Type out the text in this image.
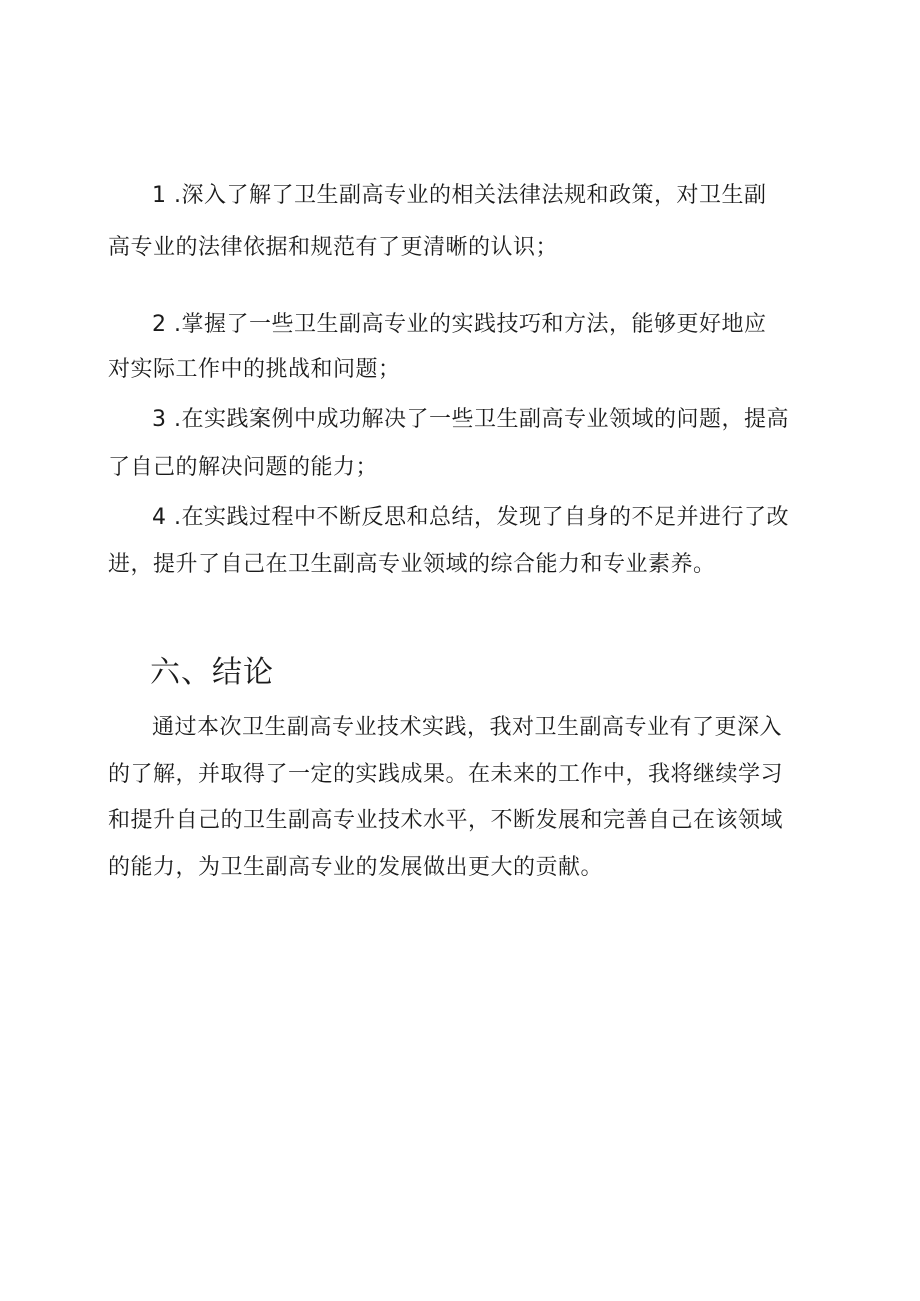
1 .深入了解了卫生副高专业的相关法律法规和政策，对卫生副
高专业的法律依据和规范有了更清晰的认识；
2 .掌握了一些卫生副高专业的实践技巧和方法，能够更好地应
对实际工作中的挑战和问题；
3 .在实践案例中成功解决了一些卫生副高专业领域的问题，提高
了自己的解决问题的能力；
4 .在实践过程中不断反思和总结，发现了自身的不足并进行了改
进，提升了自己在卫生副高专业领域的综合能力和专业素养。
六、结论
通过本次卫生副高专业技术实践，我对卫生副高专业有了更深入
的了解，并取得了一定的实践成果。在未来的工作中，我将继续学习
和提升自己的卫生副高专业技术水平，不断发展和完善自己在该领域
的能力，为卫生副高专业的发展做出更大的贡献。
